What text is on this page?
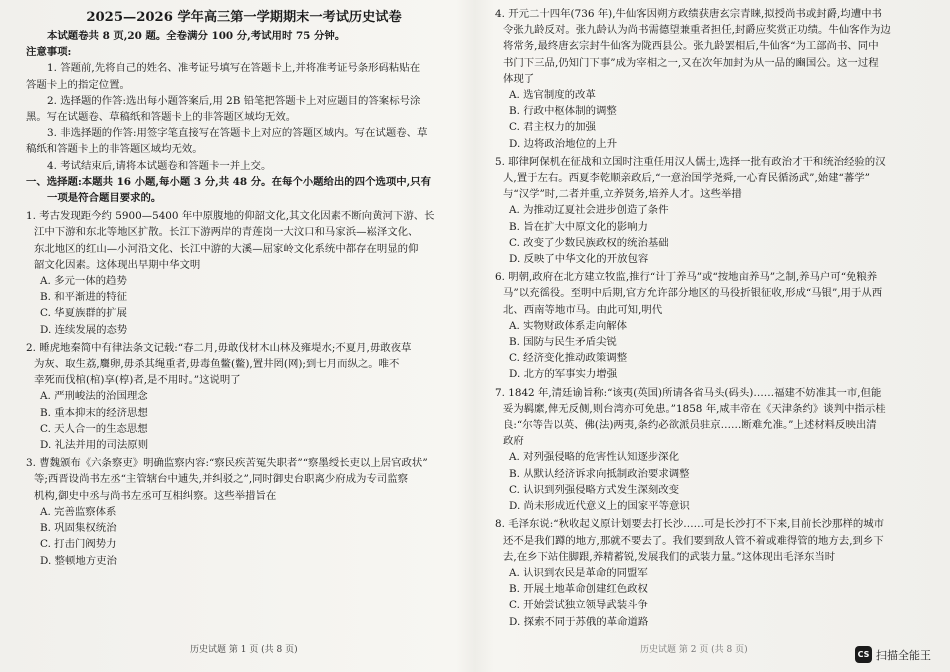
2025—2026 学年高三第一学期期末一考试历史试卷
本试题卷共 8 页,20 题。全卷满分 100 分,考试用时 75 分钟。
注意事项:
1. 答题前,先将自己的姓名、准考证号填写在答题卡上,并将准考证号条形码粘贴在
答题卡上的指定位置。
2. 选择题的作答:选出每小题答案后,用 2B 铅笔把答题卡上对应题目的答案标号涂
黑。写在试题卷、草稿纸和答题卡上的非答题区域均无效。
3. 非选择题的作答:用签字笔直接写在答题卡上对应的答题区域内。写在试题卷、草
稿纸和答题卡上的非答题区域均无效。
4. 考试结束后,请将本试题卷和答题卡一并上交。
一、选择题:本题共 16 小题,每小题 3 分,共 48 分。在每个小题给出的四个选项中,只有
一项是符合题目要求的。
1. 考古发现距今约 5900—5400 年中原腹地的仰韶文化,其文化因素不断向黄河下游、长
江中下游和东北等地区扩散。长江下游两岸的青莲岗一大汶口和马家浜—崧泽文化、
东北地区的红山—小河沿文化、长江中游的大溪—屈家岭文化系统中都存在明显的仰
韶文化因素。这体现出早期中华文明
A. 多元一体的趋势
B. 和平渐进的特征
C. 华夏族群的扩展
D. 连续发展的态势
2. 睡虎地秦简中有律法条文记载:“春二月,毋敢伐材木山林及雍堤水;不夏月,毋敢夜草
为灰、取生荔,麛卵,毋杀其绳重者,毋毒鱼鳖(鳖),置井罔(网);到七月而纵之。唯不
幸死而伐棺(棺)享(椁)者,是不用时。”这说明了
A. 严刑峻法的治国理念
B. 重本抑末的经济思想
C. 天人合一的生态思想
D. 礼法并用的司法原则
3. 曹魏颁布《六条察吏》明确监察内容:“察民疾苦冤失职者”“察墨绶长吏以上居官政状”
等;西晋设尚书左丞“主管辖台中逋失,并纠驳之”,同时御史台职离少府成为专司监察
机构,御史中丞与尚书左丞可互相纠察。这些举措旨在
A. 完善监察体系
B. 巩固集权统治
C. 打击门阀势力
D. 整顿地方吏治
4. 开元二十四年(736 年),牛仙客因朔方政绩获唐玄宗青睐,拟授尚书或封爵,均遭中书
令张九龄反对。张九龄认为尚书需德望兼重者担任,封爵应奖赏正功绩。牛仙客作为边
将常务,最终唐玄宗封牛仙客为陇西县公。张九龄罢相后,牛仙客“为工部尚书、同中
书门下三品,仍知门下事”成为宰相之一,又在次年加封为从一品的豳国公。这一过程
体现了
A. 选官制度的改革
B. 行政中枢体制的调整
C. 君主权力的加强
D. 边将政治地位的上升
5. 耶律阿保机在征战和立国时注重任用汉人儒士,选择一批有政治才干和统治经验的汉
人,置于左右。西夏李乾顺亲政后,“一意治国学尧舜,一心育民循汤武”,始建“蕃学”
与“汉学”时,二者并重,立养贤务,培养人才。这些举措
A. 为推动辽夏社会进步创造了条件
B. 旨在扩大中原文化的影响力
C. 改变了少数民族政权的统治基础
D. 反映了中华文化的开放包容
6. 明朝,政府在北方建立牧监,推行“计丁养马”或“按地亩养马”之制,养马户可“免粮养
马”以充徭役。至明中后期,官方允许部分地区的马役折银征收,形成“马银”,用于从西
北、西南等地市马。由此可知,明代
A. 实物财政体系走向解体
B. 国防与民生矛盾尖锐
C. 经济变化推动政策调整
D. 北方的军事实力增强
7. 1842 年,清廷谕旨称:“该夷(英国)所请各省马头(码头)……福建不妨准其一市,但能
妥为羁縻,俾无反侧,则台湾亦可免患。”1858 年,咸丰帝在《天津条约》谈判中指示桂
良:“尔等告以英、佛(法)两夷,条约必欲派员驻京……断难允准。”上述材料反映出清
政府
A. 对列强侵略的危害性认知逐步深化
B. 从默认经济诉求向抵制政治要求调整
C. 认识到列强侵略方式发生深刻改变
D. 尚未形成近代意义上的国家平等意识
8. 毛泽东说:“秋收起义原计划要去打长沙……可是长沙打不下来,目前长沙那样的城市
还不是我们蹲的地方,那就不要去了。我们要到敌人管不着或难得管的地方去,到乡下
去,在乡下站住脚跟,养精蓄锐,发展我们的武装力量。”这体现出毛泽东当时
A. 认识到农民是革命的同盟军
B. 开展土地革命创建红色政权
C. 开始尝试独立领导武装斗争
D. 探索不同于苏俄的革命道路
历史试题 第 1 页 (共 8 页)	历史试题 第 2 页 (共 8 页)	CS 扫描全能王
